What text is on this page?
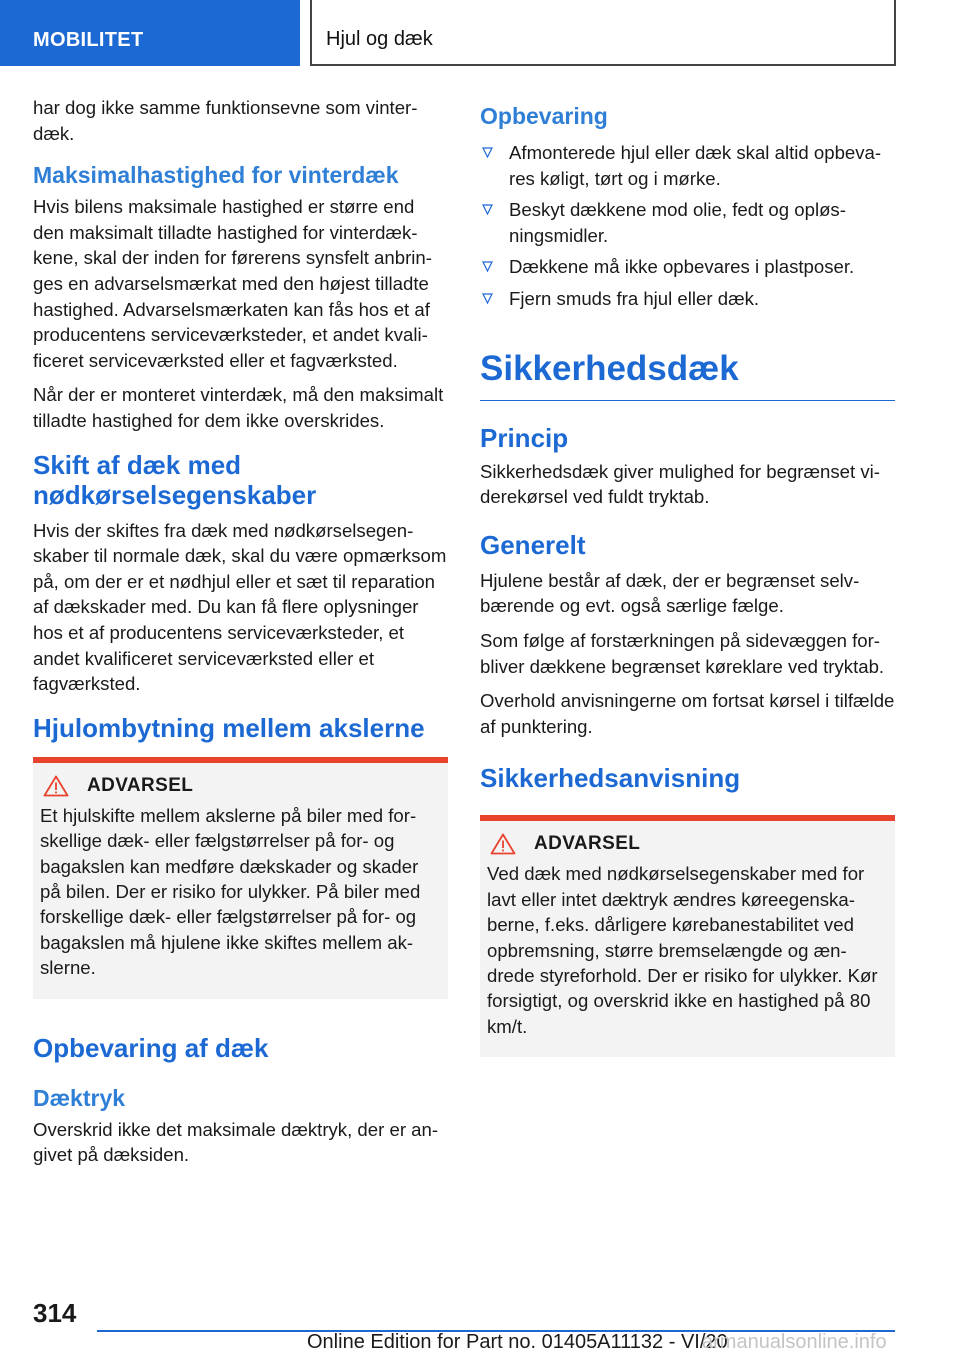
MOBILITET	Hjul og dæk

har dog ikke samme funktionsevne som vinterdæk.

Maksimalhastighed for vinterdæk

Hvis bilens maksimale hastighed er større end den maksimalt tilladte hastighed for vinterdækkene, skal der inden for førerens synsfelt anbringes en advarselsmærkat med den højest tilladte hastighed. Advarselsmærkaten kan fås hos et af producentens serviceværksteder, et andet kvalificeret serviceværksted eller et fagværksted.

Når der er monteret vinterdæk, må den maksimalt tilladte hastighed for dem ikke overskrides.

Skift af dæk med nødkørselsegenskaber

Hvis der skiftes fra dæk med nødkørselsegenskaber til normale dæk, skal du være opmærksom på, om der er et nødhjul eller et sæt til reparation af dækskader med. Du kan få flere oplysninger hos et af producentens serviceværksteder, et andet kvalificeret serviceværksted eller et fagværksted.

Hjulombytning mellem akslerne
ADVARSEL

Et hjulskifte mellem akslerne på biler med forskellige dæk- eller fælgstørrelser på for- og bagakslen kan medføre dækskader og skader på bilen. Der er risiko for ulykker. På biler med forskellige dæk- eller fælgstørrelser på for- og bagakslen må hjulene ikke skiftes mellem akslerne.

Opbevaring af dæk
Dæktryk

Overskrid ikke det maksimale dæktryk, der er angivet på dæksiden.

Opbevaring
Afmonterede hjul eller dæk skal altid opbevares køligt, tørt og i mørke.
Beskyt dækkene mod olie, fedt og opløsningsmidler.
Dækkene må ikke opbevares i plastposer.
Fjern smuds fra hjul eller dæk.
Sikkerhedsdæk
Princip

Sikkerhedsdæk giver mulighed for begrænset viderekørsel ved fuldt tryktab.

Generelt

Hjulene består af dæk, der er begrænset selvbærende og evt. også særlige fælge.

Som følge af forstærkningen på sidevæggen forbliver dækkene begrænset køreklare ved tryktab.

Overhold anvisningerne om fortsat kørsel i tilfælde af punktering.

Sikkerhedsanvisning
ADVARSEL

Ved dæk med nødkørselsegenskaber med for lavt eller intet dæktryk ændres køreegenskaberne, f.eks. dårligere kørebanestabilitet ved opbremsning, større bremselængde og ændrede styreforhold. Der er risiko for ulykker. Kør forsigtigt, og overskrid ikke en hastighed på 80 km/t.

314
Online Edition for Part no. 01405A11132 - VI/20
armanualsonline.info
